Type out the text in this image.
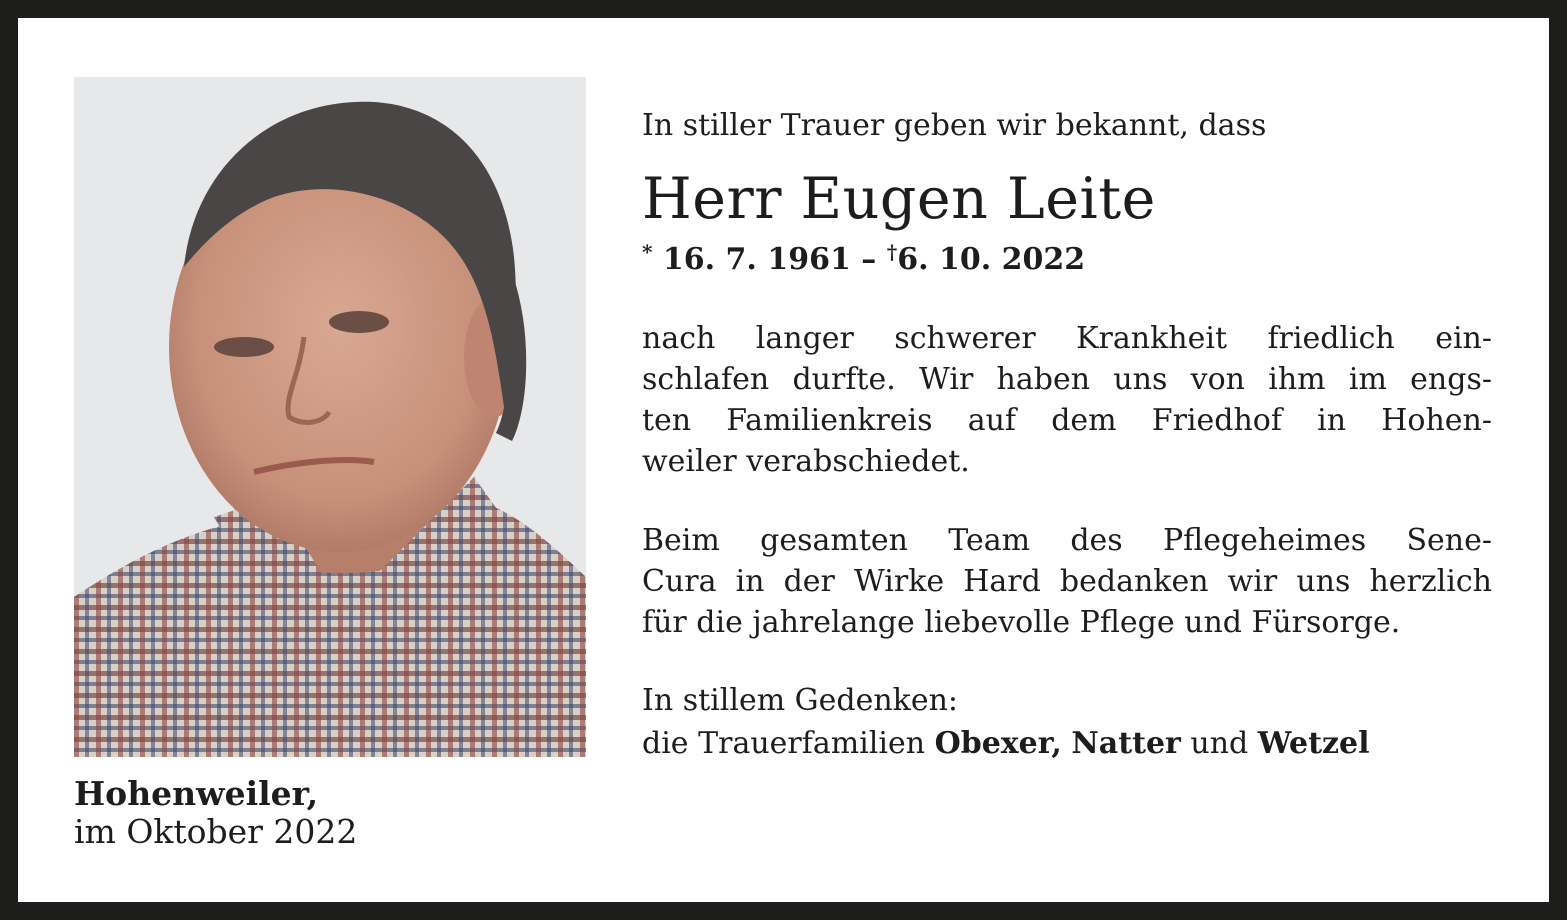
Hohenweiler,
im Oktober 2022

In stiller Trauer geben wir bekannt, dass

Herr Eugen Leite

* 16. 7. 1961 – †6. 10. 2022

nach langer schwerer Krankheit friedlich ein-
schlafen durfte. Wir haben uns von ihm im engs-
ten Familienkreis auf dem Friedhof in Hohen-
weiler verabschiedet.

Beim gesamten Team des Pflegeheimes Sene-
Cura in der Wirke Hard bedanken wir uns herzlich
für die jahrelange liebevolle Pflege und Fürsorge.

In stillem Gedenken:
die Trauerfamilien Obexer, Natter und Wetzel
